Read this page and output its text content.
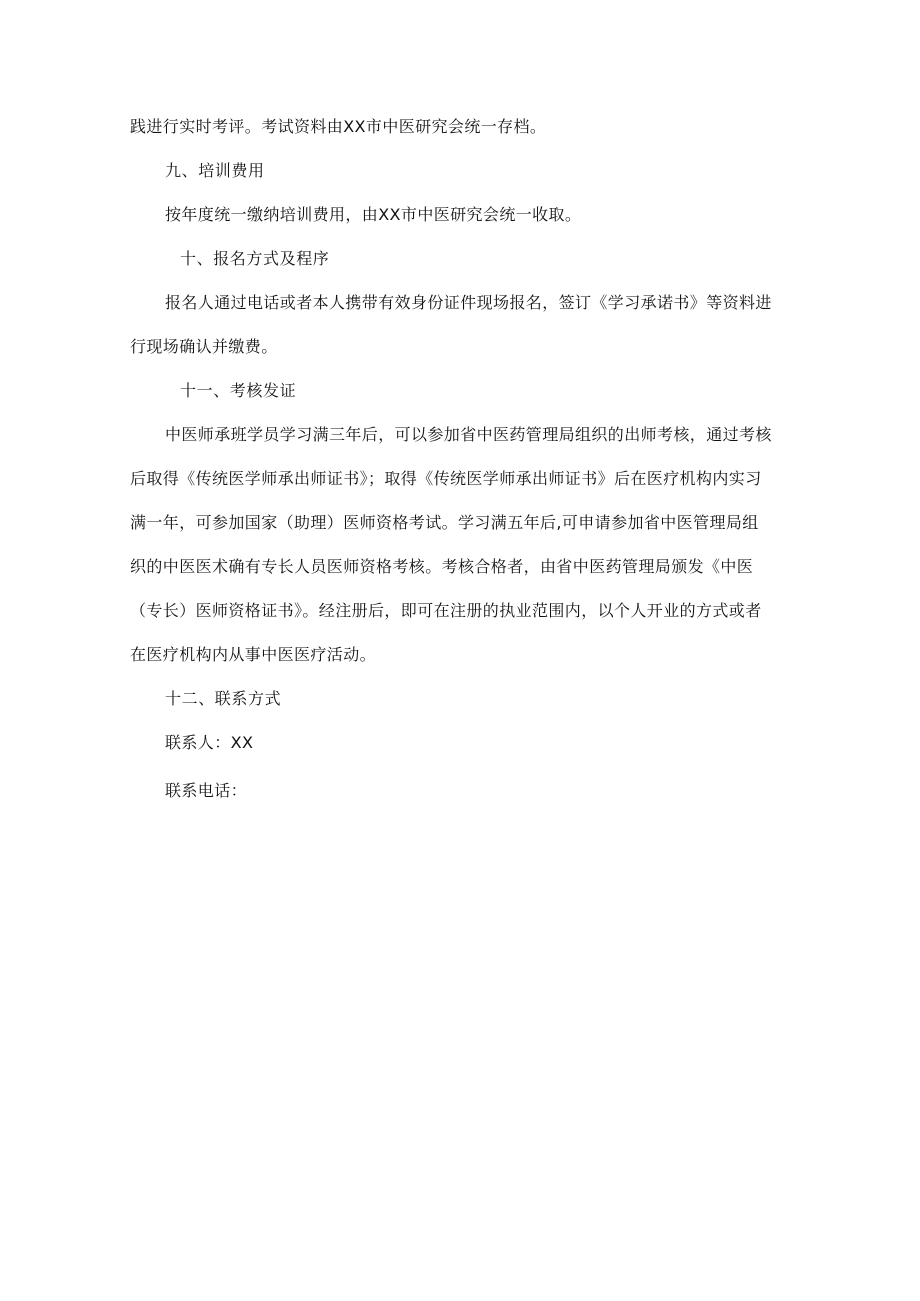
践进行实时考评。考试资料由XX市中医研究会统一存档。
九、培训费用
按年度统一缴纳培训费用，由XX市中医研究会统一收取。
十、报名方式及程序
报名人通过电话或者本人携带有效身份证件现场报名，签订《学习承诺书》等资料进
行现场确认并缴费。
十一、考核发证
中医师承班学员学习满三年后，可以参加省中医药管理局组织的出师考核，通过考核
后取得《传统医学师承出师证书》；取得《传统医学师承出师证书》后在医疗机构内实习
满一年，可参加国家（助理）医师资格考试。学习满五年后,可申请参加省中医管理局组
织的中医医术确有专长人员医师资格考核。考核合格者，由省中医药管理局颁发《中医
（专长）医师资格证书》。经注册后，即可在注册的执业范围内，以个人开业的方式或者
在医疗机构内从事中医医疗活动。
十二、联系方式
联系人：XX
联系电话：
